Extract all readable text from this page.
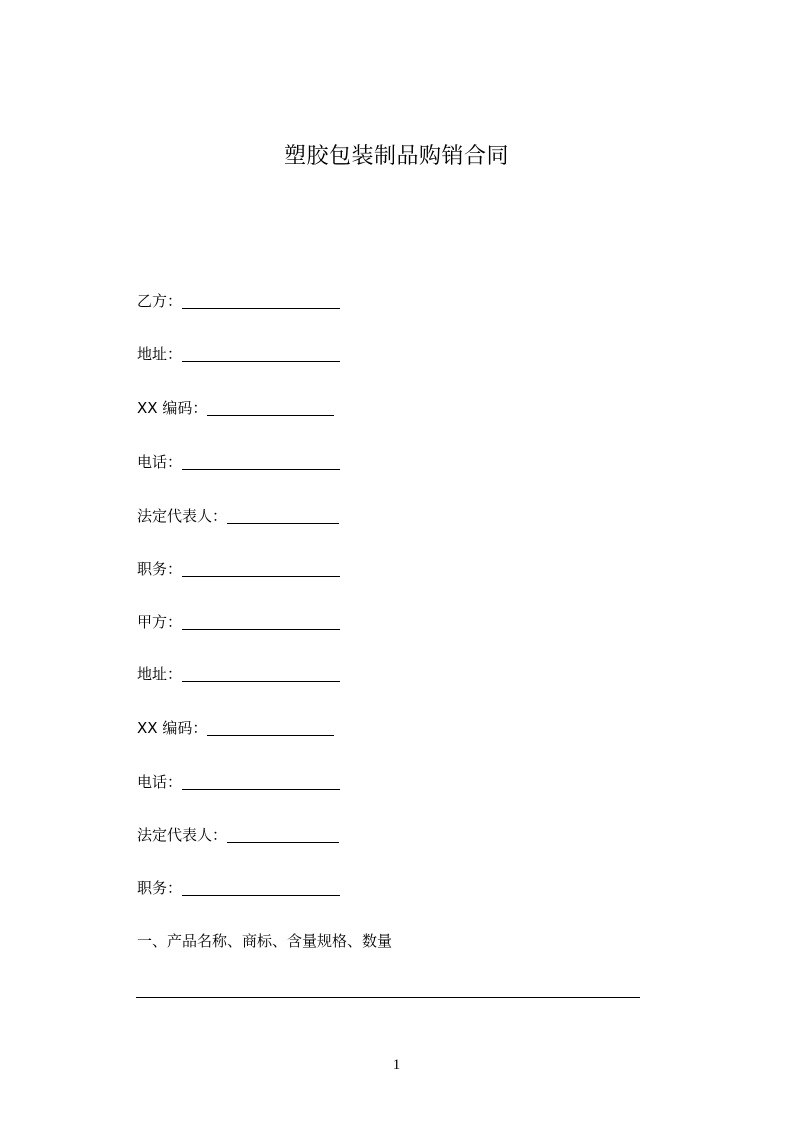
塑胶包装制品购销合同
乙方：
地址：
XX 编码：
电话：
法定代表人：
职务：
甲方：
地址：
XX 编码：
电话：
法定代表人：
职务：
一、产品名称、商标、含量规格、数量
1
